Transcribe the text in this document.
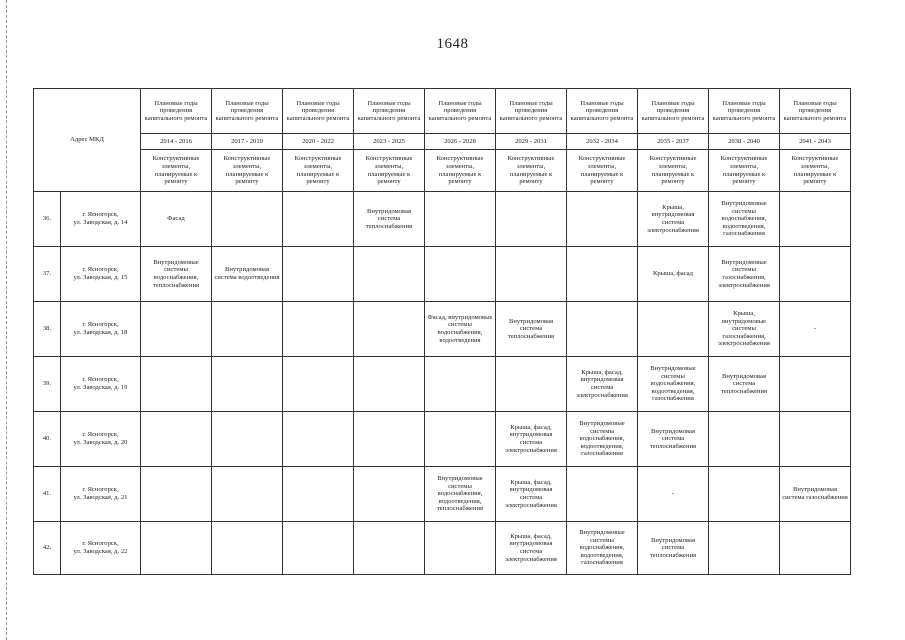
1648
Адрес МКД		Плановые годы проведения капитального ремонта	Плановые годы проведения капитального ремонта	Плановые годы проведения капитального ремонта	Плановые годы проведения капитального ремонта	Плановые годы проведения капитального ремонта	Плановые годы проведения капитального ремонта	Плановые годы проведения капитального ремонта	Плановые годы проведения капитального ремонта	Плановые годы проведения капитального ремонта	Плановые годы проведения капитального ремонта
		2014 - 2016	2017 - 2019	2020 - 2022	2023 - 2025	2026 - 2028	2029 - 2031	2032 - 2034	2035 - 2037	2038 - 2040	2041 - 2043
		Конструктивные элементы, планируемые к ремонту	Конструктивные элементы, планируемые к ремонту	Конструктивные элементы, планируемые к ремонту	Конструктивные элементы, планируемые к ремонту	Конструктивные элементы, планируемые к ремонту	Конструктивные элементы, планируемые к ремонту	Конструктивные элементы, планируемые к ремонту	Конструктивные элементы, планируемые к ремонту	Конструктивные элементы, планируемые к ремонту	Конструктивные элементы, планируемые к ремонту
36.	г. Ясногорск,
ул. Заводская, д. 14	Фасад			Внутридомовая система теплоснабжения				Крыша, внутридомовая система электроснабжения	Внутридомовые системы водоснабжения, водоотведения, газоснабжения	
37.	г. Ясногорск,
ул. Заводская, д. 15	Внутридомовые системы водоснабжения, теплоснабжения	Внутридомовая система водоотведения						Крыша, фасад	Внутридомовые системы газоснабжения, электроснабжения	
38.	г. Ясногорск,
ул. Заводская, д. 18					Фасад, внутридомовые системы водоснабжения, водоотведения	Внутридомовая система теплоснабжения			Крыша, внутридомовые системы газоснабжения, электроснабжения	-
39.	г. Ясногорск,
ул. Заводская, д. 19							Крыша, фасад, внутридомовая система электроснабжения	Внутридомовые системы водоснабжения, водоотведения, газоснабжения	Внутридомовая система теплоснабжения	
40.	г. Ясногорск,
ул. Заводская, д. 20						Крыша, фасад, внутридомовая система электроснабжения	Внутридомовые системы водоснабжения, водоотведения, газоснабжения	Внутридомовая система теплоснабжения		
41.	г. Ясногорск,
ул. Заводская, д. 21					Внутридомовые системы водоснабжения, водоотведения, теплоснабжения	Крыша, фасад, внутридомовая система электроснабжения		-		Внутридомовая система газоснабжения
42.	г. Ясногорск,
ул. Заводская, д. 22						Крыша, фасад, внутридомовая система электроснабжения	Внутридомовые системы водоснабжения, водоотведения, газоснабжения	Внутридомовая система теплоснабжения		
